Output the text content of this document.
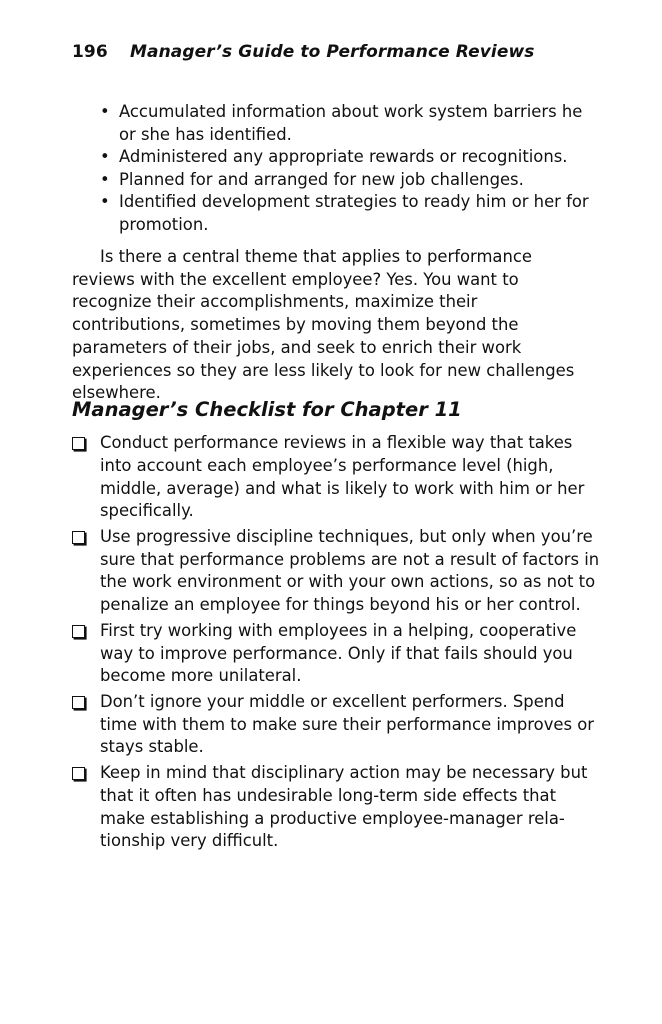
196 Manager’s Guide to Performance Reviews
• Accumulated information about work system barriers he or she has identified.
• Administered any appropriate rewards or recognitions.
• Planned for and arranged for new job challenges.
• Identified development strategies to ready him or her for promotion.

Is there a central theme that applies to performance reviews with the excellent employee? Yes. You want to recognize their accomplishments, maximize their contributions, sometimes by moving them beyond the parameters of their jobs, and seek to enrich their work experiences so they are less likely to look for new challenges elsewhere.

Manager’s Checklist for Chapter 11
Conduct performance reviews in a flexible way that takes into account each employee’s performance level (high, middle, average) and what is likely to work with him or her specifically.
Use progressive discipline techniques, but only when you’re sure that performance problems are not a result of factors in the work environment or with your own actions, so as not to penalize an employee for things beyond his or her control.
First try working with employees in a helping, cooperative way to improve performance. Only if that fails should you become more unilateral.
Don’t ignore your middle or excellent performers. Spend time with them to make sure their performance improves or stays stable.
Keep in mind that disciplinary action may be necessary but that it often has undesirable long-term side effects that make establishing a productive employee-manager relationship very difficult.
